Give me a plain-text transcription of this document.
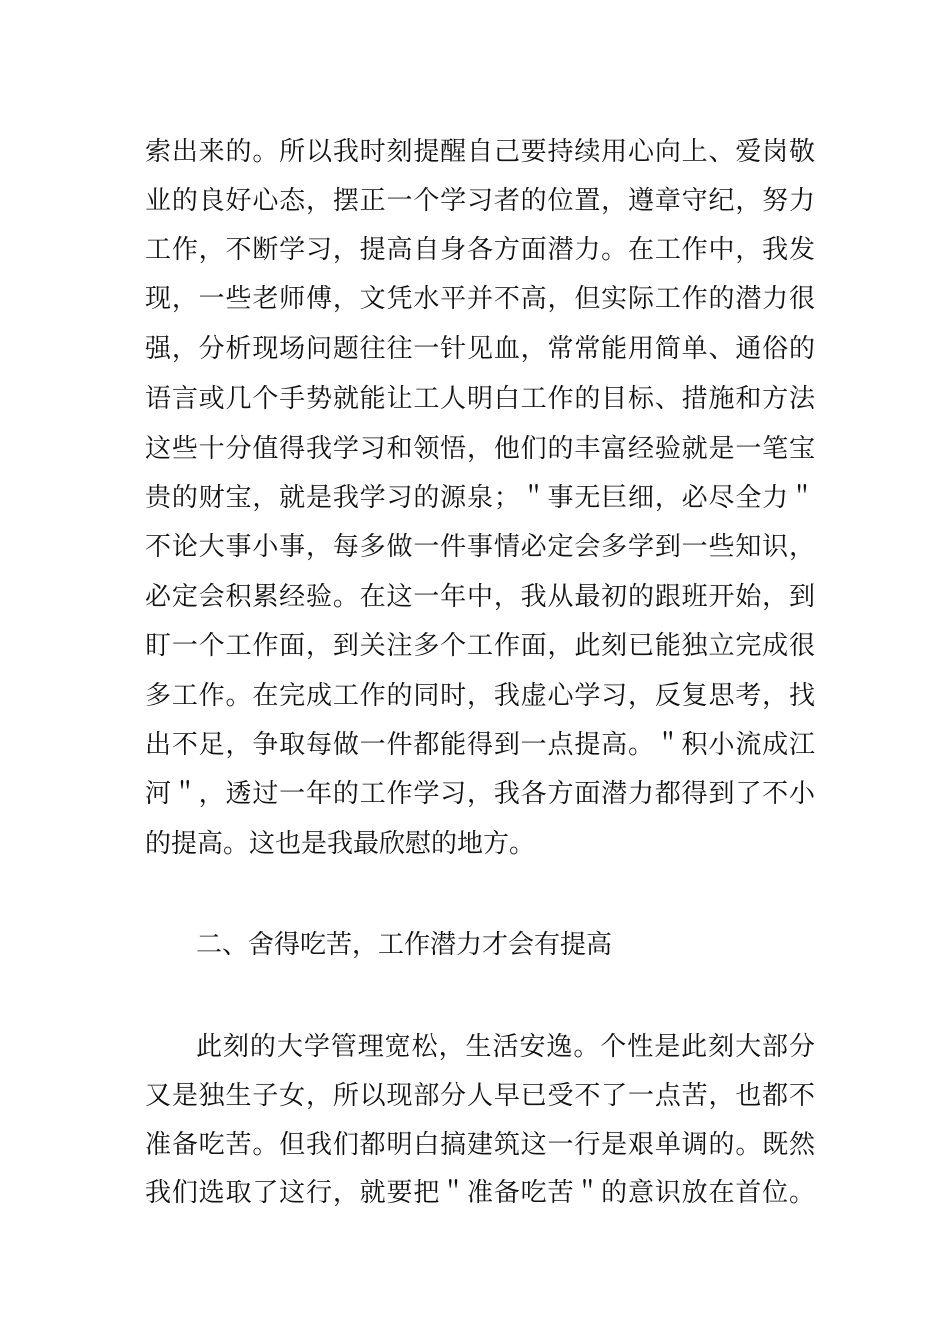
索出来的。所以我时刻提醒自己要持续用心向上、爱岗敬
业的良好心态，摆正一个学习者的位置，遵章守纪，努力
工作，不断学习，提高自身各方面潜力。在工作中，我发
现，一些老师傅，文凭水平并不高，但实际工作的潜力很
强，分析现场问题往往一针见血，常常能用简单、通俗的
语言或几个手势就能让工人明白工作的目标、措施和方法
这些十分值得我学习和领悟，他们的丰富经验就是一笔宝
贵的财宝，就是我学习的源泉；＂事无巨细，必尽全力＂
不论大事小事，每多做一件事情必定会多学到一些知识，
必定会积累经验。在这一年中，我从最初的跟班开始，到
盯一个工作面，到关注多个工作面，此刻已能独立完成很
多工作。在完成工作的同时，我虚心学习，反复思考，找
出不足，争取每做一件都能得到一点提高。＂积小流成江
河＂，透过一年的工作学习，我各方面潜力都得到了不小
的提高。这也是我最欣慰的地方。
二、舍得吃苦，工作潜力才会有提高
此刻的大学管理宽松，生活安逸。个性是此刻大部分
又是独生子女，所以现部分人早已受不了一点苦，也都不
准备吃苦。但我们都明白搞建筑这一行是艰单调的。既然
我们选取了这行，就要把＂准备吃苦＂的意识放在首位。
